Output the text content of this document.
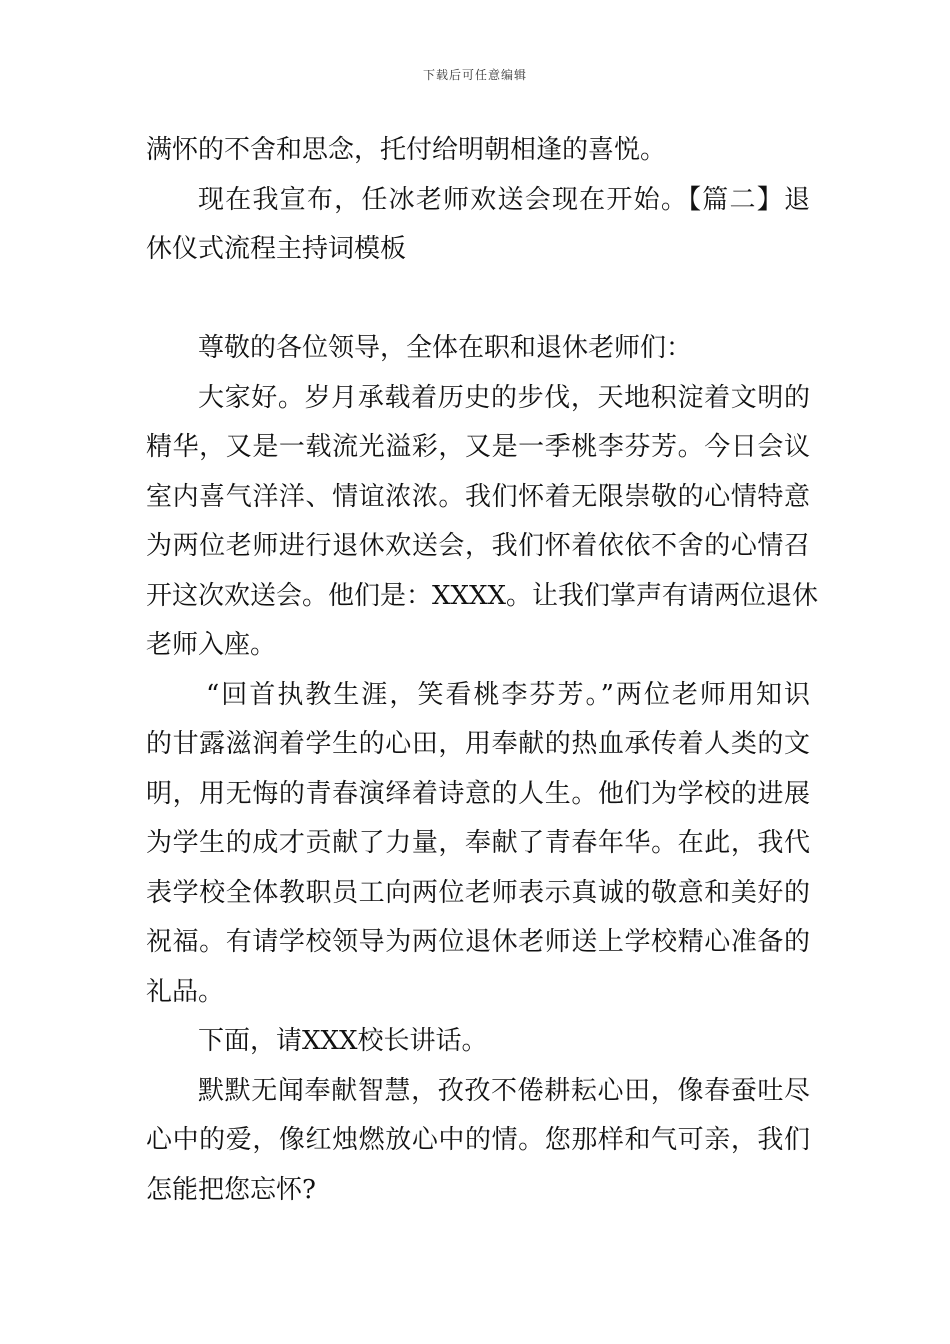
下载后可任意编辑
满怀的不舍和思念，托付给明朝相逢的喜悦。
现在我宣布，任冰老师欢送会现在开始。【篇二】退
休仪式流程主持词模板
尊敬的各位领导，全体在职和退休老师们：
大家好。岁月承载着历史的步伐，天地积淀着文明的
精华，又是一载流光溢彩，又是一季桃李芬芳。今日会议
室内喜气洋洋、情谊浓浓。我们怀着无限崇敬的心情特意
为两位老师进行退休欢送会，我们怀着依依不舍的心情召
开这次欢送会。他们是：XXXX。让我们掌声有请两位退休
老师入座。
“回首执教生涯，笑看桃李芬芳。”两位老师用知识
的甘露滋润着学生的心田，用奉献的热血承传着人类的文
明，用无悔的青春演绎着诗意的人生。他们为学校的进展
为学生的成才贡献了力量，奉献了青春年华。在此，我代
表学校全体教职员工向两位老师表示真诚的敬意和美好的
祝福。有请学校领导为两位退休老师送上学校精心准备的
礼品。
下面，请XXX校长讲话。
默默无闻奉献智慧，孜孜不倦耕耘心田，像春蚕吐尽
心中的爱，像红烛燃放心中的情。您那样和气可亲，我们
怎能把您忘怀?
